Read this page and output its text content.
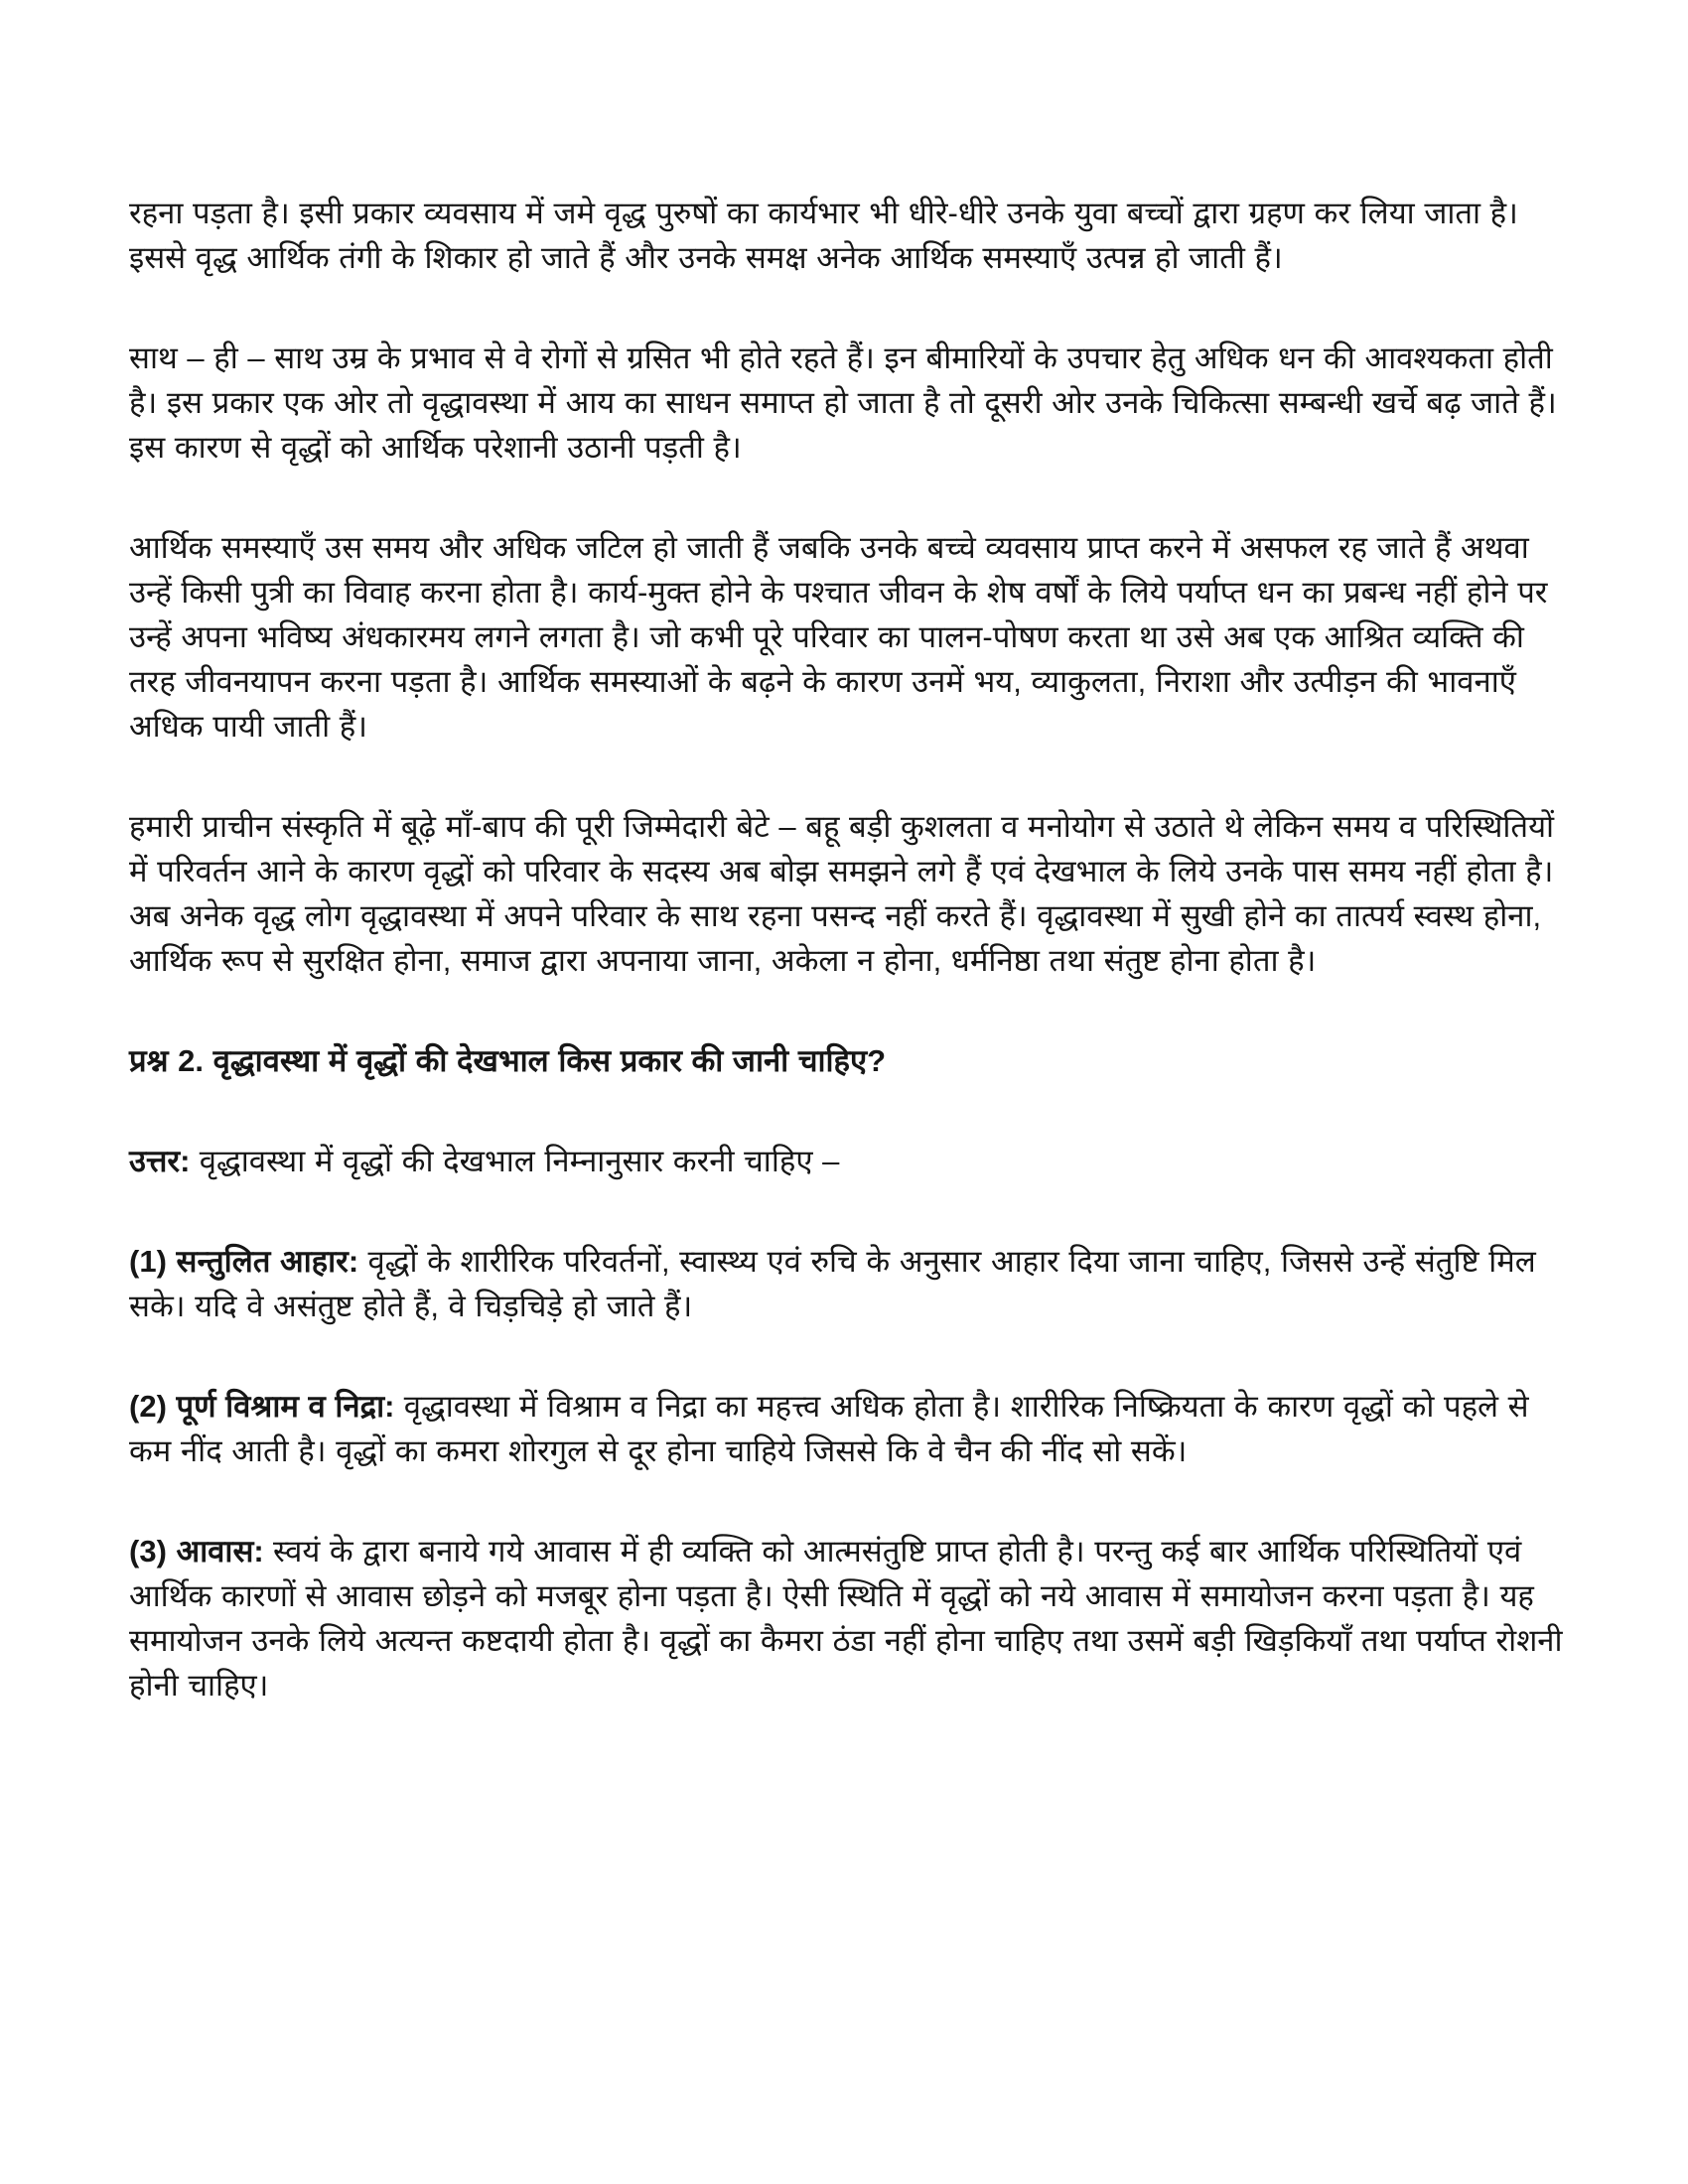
रहना पड़ता है। इसी प्रकार व्यवसाय में जमे वृद्ध पुरुषों का कार्यभार भी धीरे-धीरे उनके युवा बच्चों द्वारा ग्रहण कर लिया जाता है। इससे वृद्ध आर्थिक तंगी के शिकार हो जाते हैं और उनके समक्ष अनेक आर्थिक समस्याएँ उत्पन्न हो जाती हैं।

साथ – ही – साथ उम्र के प्रभाव से वे रोगों से ग्रसित भी होते रहते हैं। इन बीमारियों के उपचार हेतु अधिक धन की आवश्यकता होती है। इस प्रकार एक ओर तो वृद्धावस्था में आय का साधन समाप्त हो जाता है तो दूसरी ओर उनके चिकित्सा सम्बन्धी खर्चे बढ़ जाते हैं। इस कारण से वृद्धों को आर्थिक परेशानी उठानी पड़ती है।

आर्थिक समस्याएँ उस समय और अधिक जटिल हो जाती हैं जबकि उनके बच्चे व्यवसाय प्राप्त करने में असफल रह जाते हैं अथवा उन्हें किसी पुत्री का विवाह करना होता है। कार्य-मुक्त होने के पश्चात जीवन के शेष वर्षों के लिये पर्याप्त धन का प्रबन्ध नहीं होने पर उन्हें अपना भविष्य अंधकारमय लगने लगता है। जो कभी पूरे परिवार का पालन-पोषण करता था उसे अब एक आश्रित व्यक्ति की तरह जीवनयापन करना पड़ता है। आर्थिक समस्याओं के बढ़ने के कारण उनमें भय, व्याकुलता, निराशा और उत्पीड़न की भावनाएँ अधिक पायी जाती हैं।

हमारी प्राचीन संस्कृति में बूढ़े माँ-बाप की पूरी जिम्मेदारी बेटे – बहू बड़ी कुशलता व मनोयोग से उठाते थे लेकिन समय व परिस्थितियों में परिवर्तन आने के कारण वृद्धों को परिवार के सदस्य अब बोझ समझने लगे हैं एवं देखभाल के लिये उनके पास समय नहीं होता है। अब अनेक वृद्ध लोग वृद्धावस्था में अपने परिवार के साथ रहना पसन्द नहीं करते हैं। वृद्धावस्था में सुखी होने का तात्पर्य स्वस्थ होना, आर्थिक रूप से सुरक्षित होना, समाज द्वारा अपनाया जाना, अकेला न होना, धर्मनिष्ठा तथा संतुष्ट होना होता है।

प्रश्न 2. वृद्धावस्था में वृद्धों की देखभाल किस प्रकार की जानी चाहिए?

उत्तर: वृद्धावस्था में वृद्धों की देखभाल निम्नानुसार करनी चाहिए –

(1) सन्तुलित आहार: वृद्धों के शारीरिक परिवर्तनों, स्वास्थ्य एवं रुचि के अनुसार आहार दिया जाना चाहिए, जिससे उन्हें संतुष्टि मिल सके। यदि वे असंतुष्ट होते हैं, वे चिड़चिड़े हो जाते हैं।

(2) पूर्ण विश्राम व निद्रा: वृद्धावस्था में विश्राम व निद्रा का महत्त्व अधिक होता है। शारीरिक निष्क्रियता के कारण वृद्धों को पहले से कम नींद आती है। वृद्धों का कमरा शोरगुल से दूर होना चाहिये जिससे कि वे चैन की नींद सो सकें।

(3) आवास: स्वयं के द्वारा बनाये गये आवास में ही व्यक्ति को आत्मसंतुष्टि प्राप्त होती है। परन्तु कई बार आर्थिक परिस्थितियों एवं आर्थिक कारणों से आवास छोड़ने को मजबूर होना पड़ता है। ऐसी स्थिति में वृद्धों को नये आवास में समायोजन करना पड़ता है। यह समायोजन उनके लिये अत्यन्त कष्टदायी होता है। वृद्धों का कैमरा ठंडा नहीं होना चाहिए तथा उसमें बड़ी खिड़कियाँ तथा पर्याप्त रोशनी होनी चाहिए।
